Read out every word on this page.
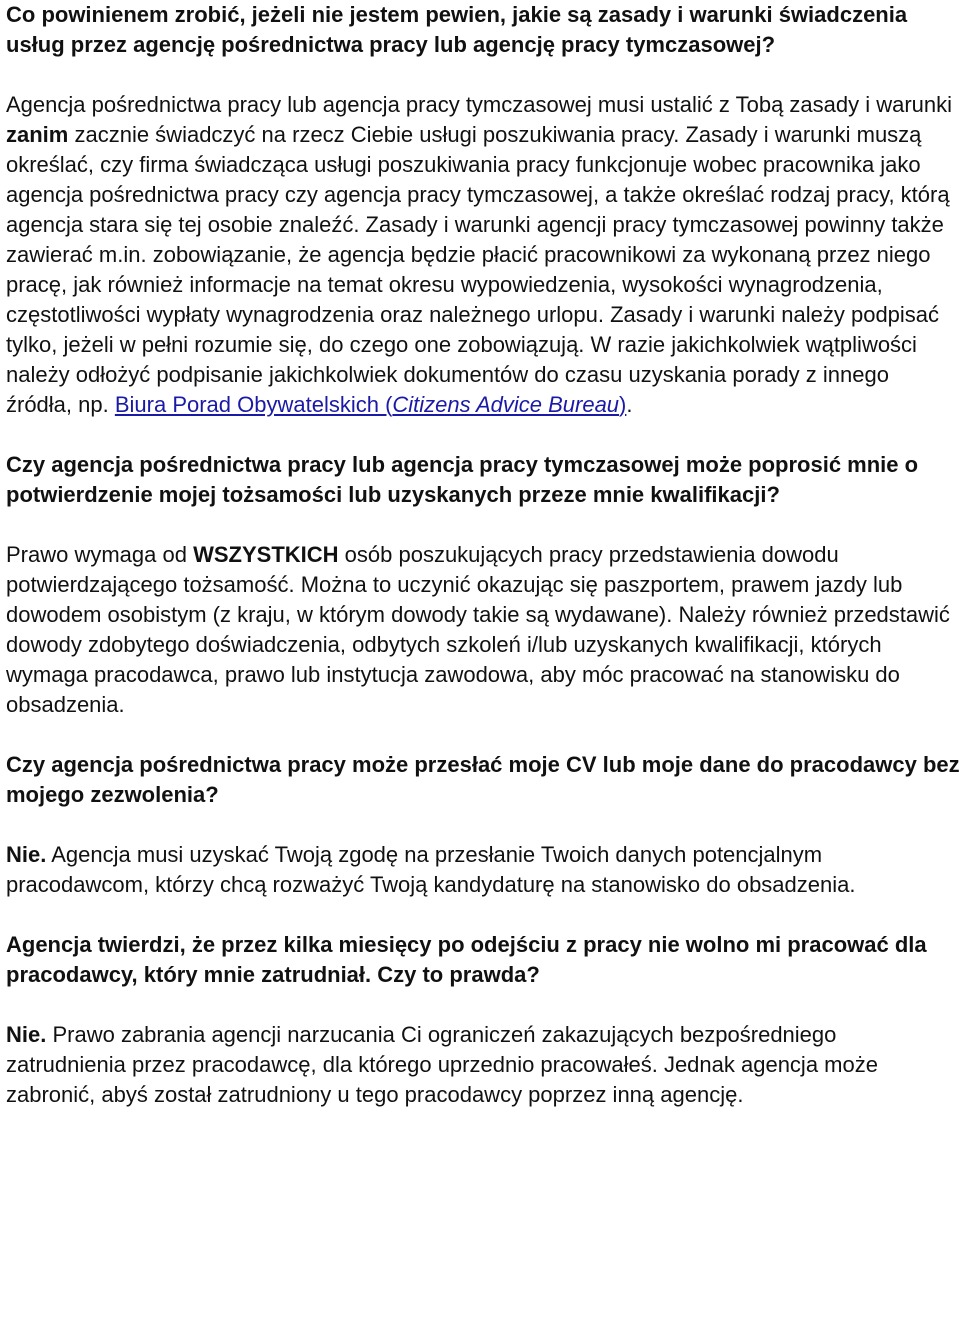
Co powinienem zrobić, jeżeli nie jestem pewien, jakie są zasady i warunki świadczenia usług przez agencję pośrednictwa pracy lub agencję pracy tymczasowej?

Agencja pośrednictwa pracy lub agencja pracy tymczasowej musi ustalić z Tobą zasady i warunki zanim zacznie świadczyć na rzecz Ciebie usługi poszukiwania pracy. Zasady i warunki muszą określać, czy firma świadcząca usługi poszukiwania pracy funkcjonuje wobec pracownika jako agencja pośrednictwa pracy czy agencja pracy tymczasowej, a także określać rodzaj pracy, którą agencja stara się tej osobie znaleźć. Zasady i warunki agencji pracy tymczasowej powinny także zawierać m.in. zobowiązanie, że agencja będzie płacić pracownikowi za wykonaną przez niego pracę, jak również informacje na temat okresu wypowiedzenia, wysokości wynagrodzenia, częstotliwości wypłaty wynagrodzenia oraz należnego urlopu. Zasady i warunki należy podpisać tylko, jeżeli w pełni rozumie się, do czego one zobowiązują. W razie jakichkolwiek wątpliwości należy odłożyć podpisanie jakichkolwiek dokumentów do czasu uzyskania porady z innego źródła, np. Biura Porad Obywatelskich (Citizens Advice Bureau).

Czy agencja pośrednictwa pracy lub agencja pracy tymczasowej może poprosić mnie o potwierdzenie mojej tożsamości lub uzyskanych przeze mnie kwalifikacji?

Prawo wymaga od WSZYSTKICH osób poszukujących pracy przedstawienia dowodu potwierdzającego tożsamość. Można to uczynić okazując się paszportem, prawem jazdy lub dowodem osobistym (z kraju, w którym dowody takie są wydawane). Należy również przedstawić dowody zdobytego doświadczenia, odbytych szkoleń i/lub uzyskanych kwalifikacji, których wymaga pracodawca, prawo lub instytucja zawodowa, aby móc pracować na stanowisku do obsadzenia.

Czy agencja pośrednictwa pracy może przesłać moje CV lub moje dane do pracodawcy bez mojego zezwolenia?

Nie. Agencja musi uzyskać Twoją zgodę na przesłanie Twoich danych potencjalnym pracodawcom, którzy chcą rozważyć Twoją kandydaturę na stanowisko do obsadzenia.

Agencja twierdzi, że przez kilka miesięcy po odejściu z pracy nie wolno mi pracować dla pracodawcy, który mnie zatrudniał. Czy to prawda?

Nie. Prawo zabrania agencji narzucania Ci ograniczeń zakazujących bezpośredniego zatrudnienia przez pracodawcę, dla którego uprzednio pracowałeś. Jednak agencja może zabronić, abyś został zatrudniony u tego pracodawcy poprzez inną agencję.
